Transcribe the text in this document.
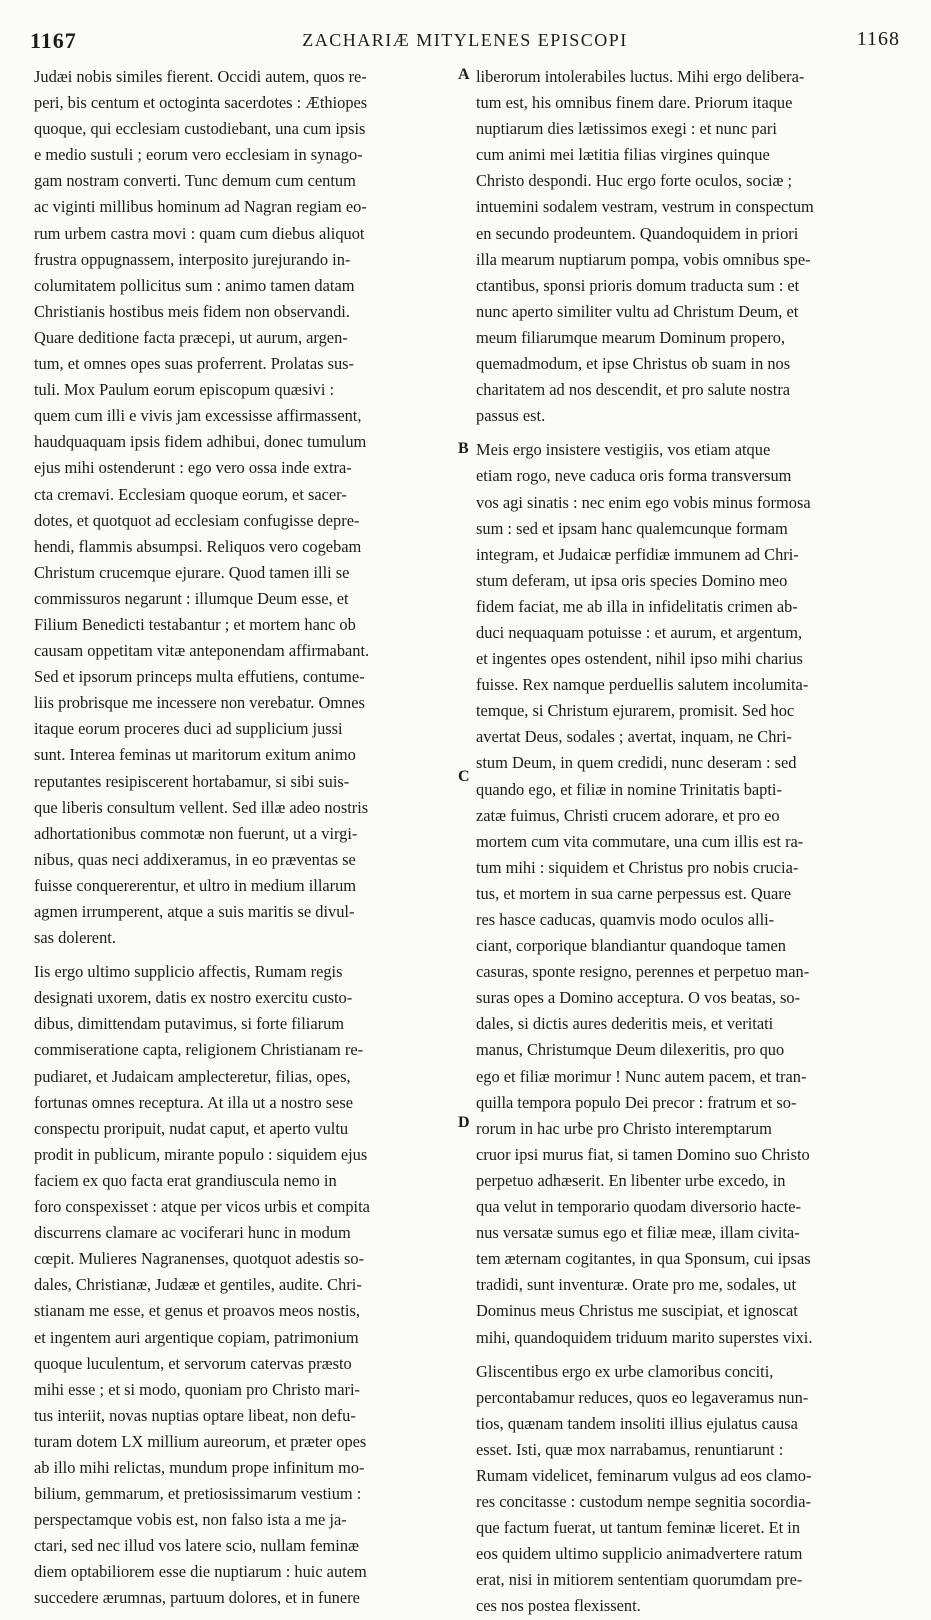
1167	ZACHARIÆ MITYLENES EPISCOPI	1168
Judæi nobis similes fierent. Occidi autem, quos re-
peri, bis centum et octoginta sacerdotes : Æthiopes
quoque, qui ecclesiam custodiebant, una cum ipsis
e medio sustuli ; eorum vero ecclesiam in synago-
gam nostram converti. Tunc demum cum centum
ac viginti millibus hominum ad Nagran regiam eo-
rum urbem castra movi : quam cum diebus aliquot
frustra oppugnassem, interposito jurejurando in-
columitatem pollicitus sum : animo tamen datam
Christianis hostibus meis fidem non observandi.
Quare deditione facta præcepi, ut aurum, argen-
tum, et omnes opes suas proferrent. Prolatas sus-
tuli. Mox Paulum eorum episcopum quæsivi :
quem cum illi e vivis jam excessisse affirmassent,
haudquaquam ipsis fidem adhibui, donec tumulum
ejus mihi ostenderunt : ego vero ossa inde extra-
cta cremavi. Ecclesiam quoque eorum, et sacer-
dotes, et quotquot ad ecclesiam confugisse depre-
hendi, flammis absumpsi. Reliquos vero cogebam
Christum crucemque ejurare. Quod tamen illi se
commissuros negarunt : illumque Deum esse, et
Filium Benedicti testabantur ; et mortem hanc ob
causam oppetitam vitæ anteponendam affirmabant.
Sed et ipsorum princeps multa effutiens, contume-
liis probrisque me incessere non verebatur. Omnes
itaque eorum proceres duci ad supplicium jussi
sunt. Interea feminas ut maritorum exitum animo
reputantes resipiscerent hortabamur, si sibi suis-
que liberis consultum vellent. Sed illæ adeo nostris
adhortationibus commotæ non fuerunt, ut a virgi-
nibus, quas neci addixeramus, in eo præventas se
fuisse conquererentur, et ultro in medium illarum
agmen irrumperent, atque a suis maritis se divul-
sas dolerent.
Iis ergo ultimo supplicio affectis, Rumam regis
designati uxorem, datis ex nostro exercitu custo-
dibus, dimittendam putavimus, si forte filiarum
commiseratione capta, religionem Christianam re-
pudiaret, et Judaicam amplecteretur, filias, opes,
fortunas omnes receptura. At illa ut a nostro sese
conspectu proripuit, nudat caput, et aperto vultu
prodit in publicum, mirante populo : siquidem ejus
faciem ex quo facta erat grandiuscula nemo in
foro conspexisset : atque per vicos urbis et compita
discurrens clamare ac vociferari hunc in modum
cœpit. Mulieres Nagranenses, quotquot adestis so-
dales, Christianæ, Judææ et gentiles, audite. Chri-
stianam me esse, et genus et proavos meos nostis,
et ingentem auri argentique copiam, patrimonium
quoque luculentum, et servorum catervas præsto
mihi esse ; et si modo, quoniam pro Christo mari-
tus interiit, novas nuptias optare libeat, non defu-
turam dotem LX millium aureorum, et præter opes
ab illo mihi relictas, mundum prope infinitum mo-
bilium, gemmarum, et pretiosissimarum vestium :
perspectamque vobis est, non falso ista a me ja-
ctari, sed nec illud vos latere scio, nullam feminæ
diem optabiliorem esse die nuptiarum : huic autem
succedere ærumnas, partuum dolores, et in funere
liberorum intolerabiles luctus. Mihi ergo delibera-
tum est, his omnibus finem dare. Priorum itaque
nuptiarum dies lætissimos exegi : et nunc pari
cum animi mei lætitia filias virgines quinque
Christo despondi. Huc ergo forte oculos, sociæ ;
intuemini sodalem vestram, vestrum in conspectum
en secundo prodeuntem. Quandoquidem in priori
illa mearum nuptiarum pompa, vobis omnibus spe-
ctantibus, sponsi prioris domum traducta sum : et
nunc aperto similiter vultu ad Christum Deum, et
meum filiarumque mearum Dominum propero,
quemadmodum, et ipse Christus ob suam in nos
charitatem ad nos descendit, et pro salute nostra
passus est.
Meis ergo insistere vestigiis, vos etiam atque
etiam rogo, neve caduca oris forma transversum
vos agi sinatis : nec enim ego vobis minus formosa
sum : sed et ipsam hanc qualemcunque formam
integram, et Judaicæ perfidiæ immunem ad Chri-
stum deferam, ut ipsa oris species Domino meo
fidem faciat, me ab illa in infidelitatis crimen ab-
duci nequaquam potuisse : et aurum, et argentum,
et ingentes opes ostendent, nihil ipso mihi charius
fuisse. Rex namque perduellis salutem incolumita-
temque, si Christum ejurarem, promisit. Sed hoc
avertat Deus, sodales ; avertat, inquam, ne Chri-
stum Deum, in quem credidi, nunc deseram : sed
quando ego, et filiæ in nomine Trinitatis bapti-
zatæ fuimus, Christi crucem adorare, et pro eo
mortem cum vita commutare, una cum illis est ra-
tum mihi : siquidem et Christus pro nobis crucia-
tus, et mortem in sua carne perpessus est. Quare
res hasce caducas, quamvis modo oculos alli-
ciant, corporique blandiantur quandoque tamen
casuras, sponte resigno, perennes et perpetuo man-
suras opes a Domino acceptura. O vos beatas, so-
dales, si dictis aures dederitis meis, et veritati
manus, Christumque Deum dilexeritis, pro quo
ego et filiæ morimur ! Nunc autem pacem, et tran-
quilla tempora populo Dei precor : fratrum et so-
rorum in hac urbe pro Christo interemptarum
cruor ipsi murus fiat, si tamen Domino suo Christo
perpetuo adhæserit. En libenter urbe excedo, in
qua velut in temporario quodam diversorio hacte-
nus versatæ sumus ego et filiæ meæ, illam civita-
tem æternam cogitantes, in qua Sponsum, cui ipsas
tradidi, sunt inventuræ. Orate pro me, sodales, ut
Dominus meus Christus me suscipiat, et ignoscat
mihi, quandoquidem triduum marito superstes vixi.
Gliscentibus ergo ex urbe clamoribus conciti,
percontabamur reduces, quos eo legaveramus nun-
tios, quænam tandem insoliti illius ejulatus causa
esset. Isti, quæ mox narrabamus, renuntiarunt :
Rumam videlicet, feminarum vulgus ad eos clamo-
res concitasse : custodum nempe segnitia socordia-
que factum fuerat, ut tantum feminæ liceret. Et in
eos quidem ultimo supplicio animadvertere ratum
erat, nisi in mitiorem sententiam quorumdam pre-
ces nos postea flexissent.
A
B
C
D
